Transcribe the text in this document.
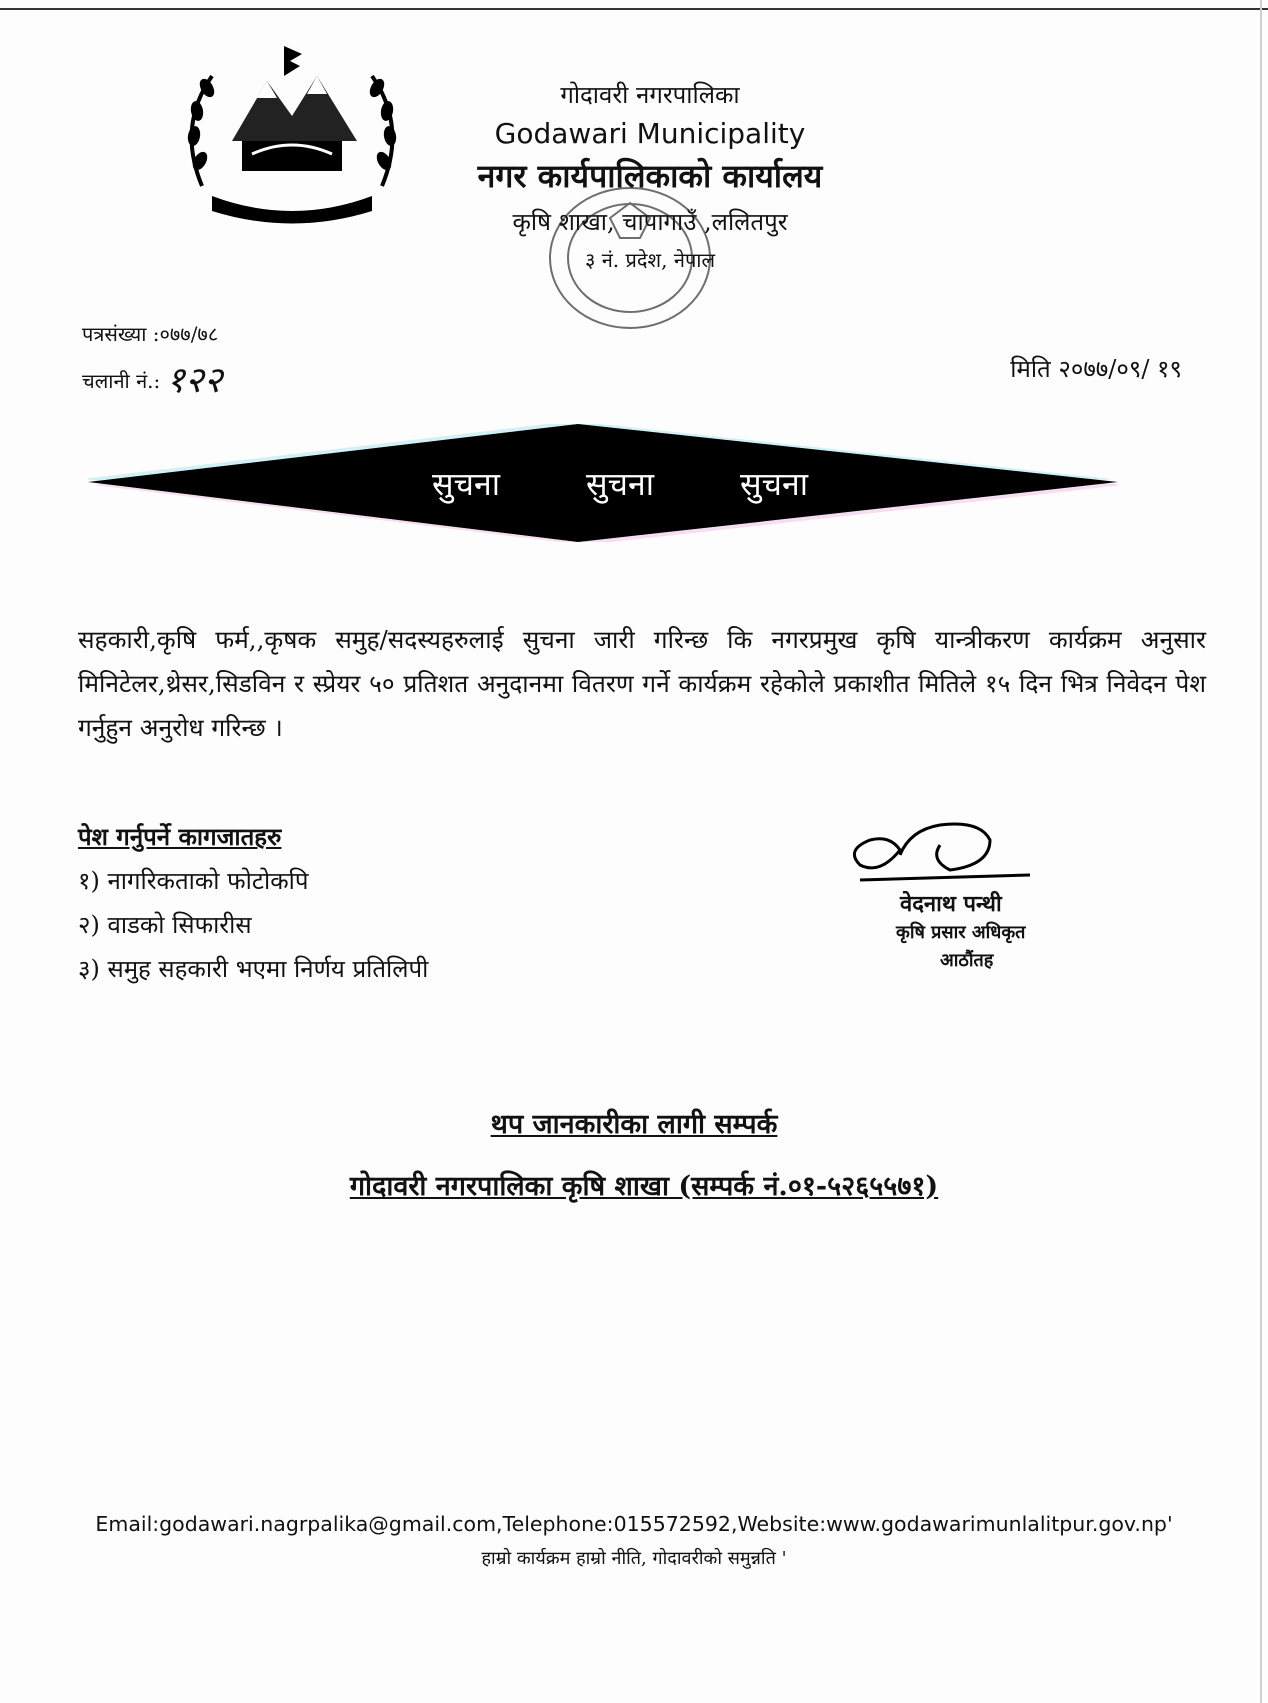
गोदावरी नगरपालिका
Godawari Municipality
नगर कार्यपालिकाको कार्यालय
कृषि शाखा, चापागाउँ ,ललितपुर
३ नं. प्रदेश, नेपाल
पत्रसंख्या :०७७/७८
चलानी नं.: १२२	मिति २०७७/०९/ १९
सुचना	सुचना	सुचना
सहकारी,कृषि फर्म,,कृषक समुह/सदस्यहरुलाई सुचना जारी गरिन्छ कि नगरप्रमुख कृषि यान्त्रीकरण कार्यक्रम अनुसार मिनिटेलर,थ्रेसर,सिडविन र स्प्रेयर ५० प्रतिशत अनुदानमा वितरण गर्ने कार्यक्रम रहेकोले प्रकाशीत मितिले १५ दिन भित्र निवेदन पेश गर्नुहुन अनुरोध गरिन्छ ।
पेश गर्नुपर्ने कागजातहरु
१) नागरिकताको फोटोकपि
२) वाडको सिफारीस
३) समुह सहकारी भएमा निर्णय प्रतिलिपी
वेदनाथ पन्थी
कृषि प्रसार अधिकृत
आठौंतह
थप जानकारीका लागी सम्पर्क
गोदावरी नगरपालिका कृषि शाखा (सम्पर्क नं.०१-५२६५५७१)
Email:godawari.nagrpalika@gmail.com,Telephone:015572592,Website:www.godawarimunlalitpur.gov.np'
हाम्रो कार्यक्रम हाम्रो नीति, गोदावरीको समुन्नति '
